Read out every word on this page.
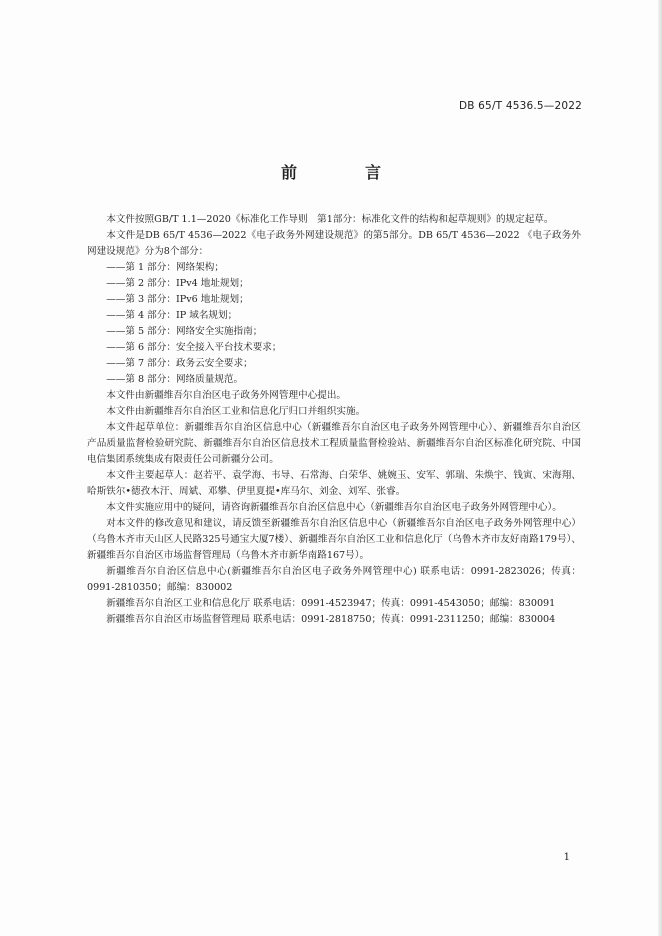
DB 65/T 4536.5—2022
前　言

本文件按照GB/T 1.1—2020《标准化工作导则　第1部分：标准化文件的结构和起草规则》的规定起草。

本文件是DB 65/T 4536—2022《电子政务外网建设规范》的第5部分。DB 65/T 4536—2022 《电子政务外网建设规范》分为8个部分：

——第 1 部分：网络架构；

——第 2 部分：IPv4 地址规划；

——第 3 部分：IPv6 地址规划；

——第 4 部分：IP 域名规划；

——第 5 部分：网络安全实施指南；

——第 6 部分：安全接入平台技术要求；

——第 7 部分：政务云安全要求；

——第 8 部分：网络质量规范。

本文件由新疆维吾尔自治区电子政务外网管理中心提出。

本文件由新疆维吾尔自治区工业和信息化厅归口并组织实施。

本文件起草单位：新疆维吾尔自治区信息中心（新疆维吾尔自治区电子政务外网管理中心）、新疆维吾尔自治区产品质量监督检验研究院、新疆维吾尔自治区信息技术工程质量监督检验站、新疆维吾尔自治区标准化研究院、中国电信集团系统集成有限责任公司新疆分公司。

本文件主要起草人：赵若平、袁学海、韦导、石常海、白荣华、姚婉玉、安军、郭瑞、朱焕宇、钱寅、宋海翔、哈斯铁尔•德孜木汗、周斌、邓攀、伊里夏提•库马尔、刘金、刘军、张睿。

本文件实施应用中的疑问，请咨询新疆维吾尔自治区信息中心（新疆维吾尔自治区电子政务外网管理中心）。

对本文件的修改意见和建议，请反馈至新疆维吾尔自治区信息中心（新疆维吾尔自治区电子政务外网管理中心）（乌鲁木齐市天山区人民路325号通宝大厦7楼）、新疆维吾尔自治区工业和信息化厅（乌鲁木齐市友好南路179号）、新疆维吾尔自治区市场监督管理局（乌鲁木齐市新华南路167号）。

新疆维吾尔自治区信息中心(新疆维吾尔自治区电子政务外网管理中心) 联系电话：0991-2823026；传真：0991-2810350；邮编：830002

新疆维吾尔自治区工业和信息化厅 联系电话：0991-4523947；传真：0991-4543050；邮编：830091

新疆维吾尔自治区市场监督管理局 联系电话：0991-2818750；传真：0991-2311250；邮编：830004

1
